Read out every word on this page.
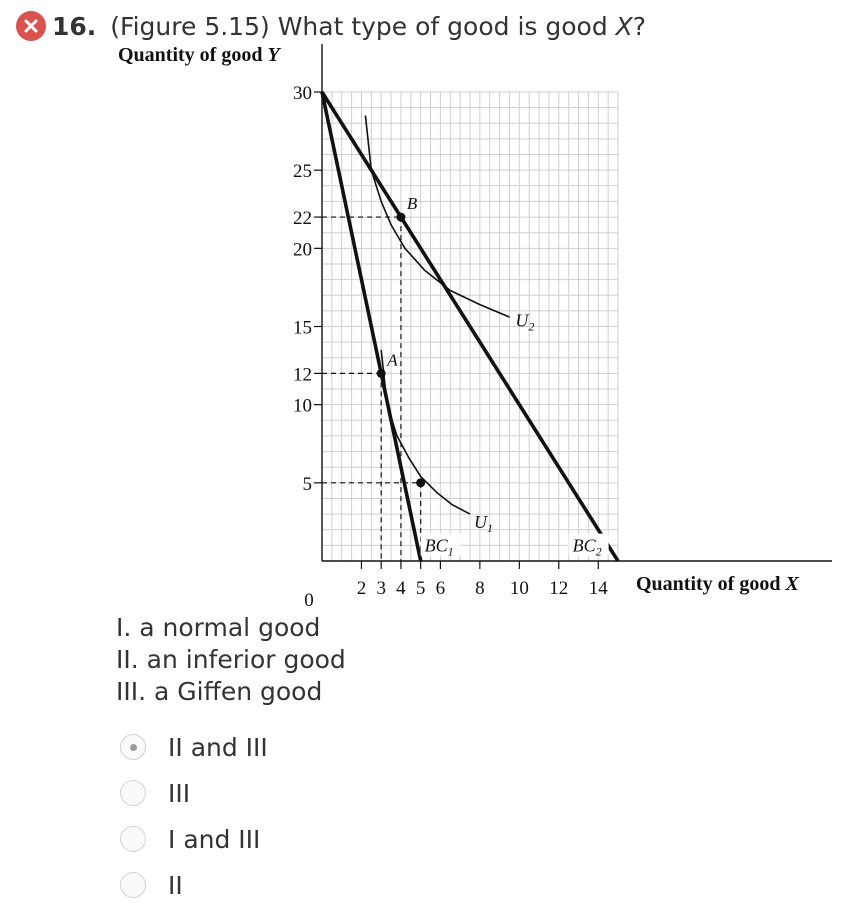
16. (Figure 5.15) What type of good is good X?
5
10
12
15
20
22
25
30
2 3 4 5 6 8 10 12 14
0
Quantity of good Y
Quantity of good X
A
B
$U_1$
$U_2$
$BC_1$	$BC_2$
I. a normal good
II. an inferior good
III. a Giffen good
II and III
III
I and III
II
